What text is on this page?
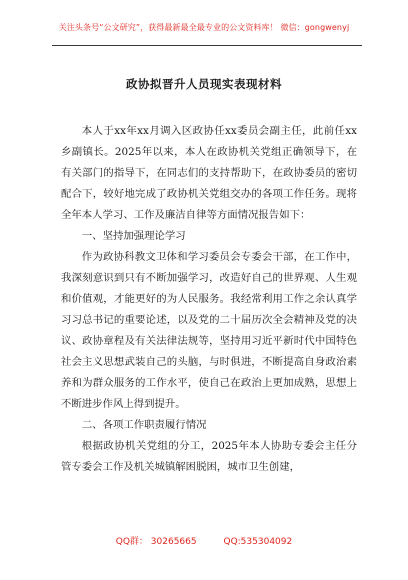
关注头条号“公文研究”，获得最新最全最专业的公文资料库！ 微信：gongwenyj
政协拟晋升人员现实表现材料

本人于xx年xx月调入区政协任xx委员会副主任，此前任xx乡副镇长。2025年以来，本人在政协机关党组正确领导下，在有关部门的指导下，在同志们的支持帮助下，在政协委员的密切配合下，较好地完成了政协机关党组交办的各项工作任务。现将全年本人学习、工作及廉洁自律等方面情况报告如下：

一、坚持加强理论学习

作为政协科教文卫体和学习委员会专委会干部，在工作中，我深刻意识到只有不断加强学习，改造好自己的世界观、人生观和价值观，才能更好的为人民服务。我经常利用工作之余认真学习习总书记的重要论述，以及党的二十届历次全会精神及党的决议、政协章程及有关法律法规等，坚持用习近平新时代中国特色社会主义思想武装自己的头脑，与时俱进，不断提高自身政治素养和为群众服务的工作水平，使自己在政治上更加成熟，思想上不断进步作风上得到提升。

二、各项工作职责履行情况

根据政协机关党组的分工，2025年本人协助专委会主任分管专委会工作及机关城镇解困脱困，城市卫生创建，

QQ群： 30265665	QQ:535304092
